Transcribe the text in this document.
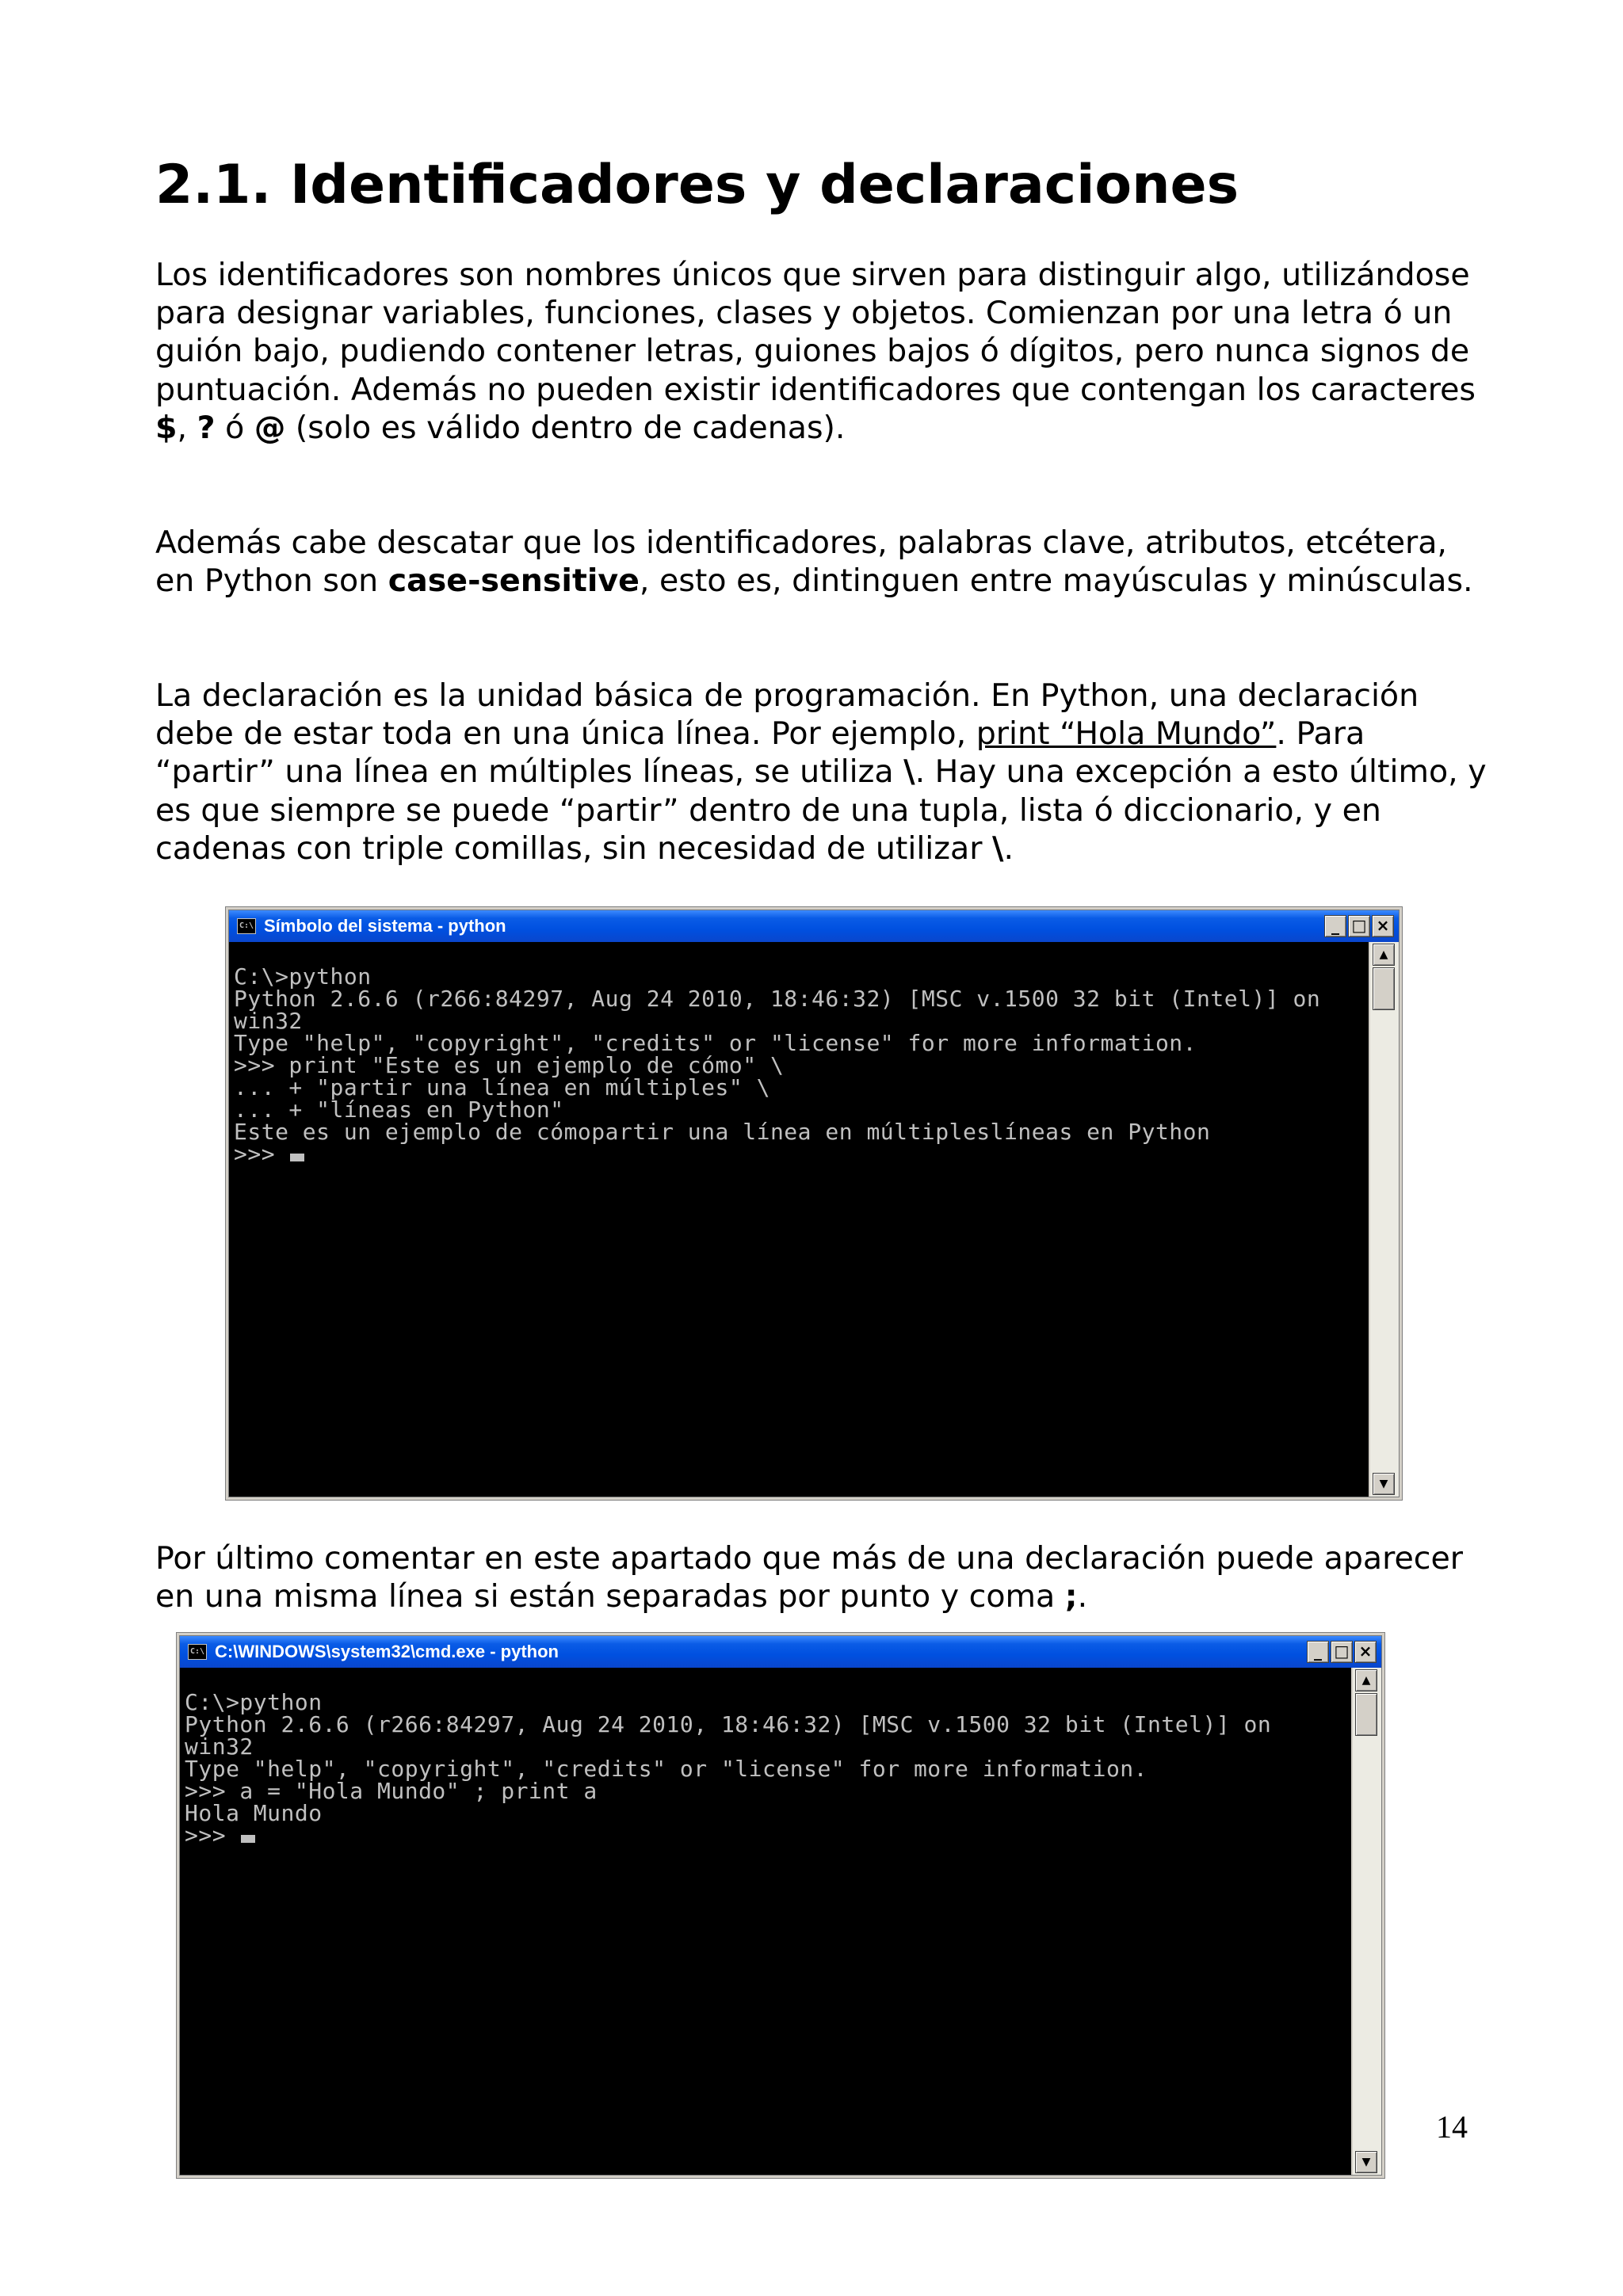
2.1. Identificadores y declaraciones

Los identificadores son nombres únicos que sirven para distinguir algo, utilizándose para designar variables, funciones, clases y objetos. Comienzan por una letra ó un guión bajo, pudiendo contener letras, guiones bajos ó dígitos, pero nunca signos de puntuación. Además no pueden existir identificadores que contengan los caracteres $, ? ó @ (solo es válido dentro de cadenas).

Además cabe descatar que los identificadores, palabras clave, atributos, etcétera, en Python son case-sensitive, esto es, dintinguen entre mayúsculas y minúsculas.

La declaración es la unidad básica de programación. En Python, una declaración debe de estar toda en una única línea. Por ejemplo, print “Hola Mundo”. Para “partir” una línea en múltiples líneas, se utiliza \. Hay una excepción a esto último, y es que siempre se puede “partir” dentro de una tupla, lista ó diccionario, y en cadenas con triple comillas, sin necesidad de utilizar \.

C:\ Símbolo del sistema - python	_ □ ×
C:\>python
Python 2.6.6 (r266:84297, Aug 24 2010, 18:46:32) [MSC v.1500 32 bit (Intel)] on
win32
Type "help", "copyright", "credits" or "license" for more information.
>>> print "Este es un ejemplo de cómo" \
... + "partir una línea en múltiples" \
... + "líneas en Python"
Este es un ejemplo de cómopartir una línea en múltipleslíneas en Python
>>>
▲
▼

Por último comentar en este apartado que más de una declaración puede aparecer en una misma línea si están separadas por punto y coma ;.

C:\ C:\WINDOWS\system32\cmd.exe - python	_ □ ×
C:\>python
Python 2.6.6 (r266:84297, Aug 24 2010, 18:46:32) [MSC v.1500 32 bit (Intel)] on
win32
Type "help", "copyright", "credits" or "license" for more information.
>>> a = "Hola Mundo" ; print a
Hola Mundo
>>>
▲
▼
14
